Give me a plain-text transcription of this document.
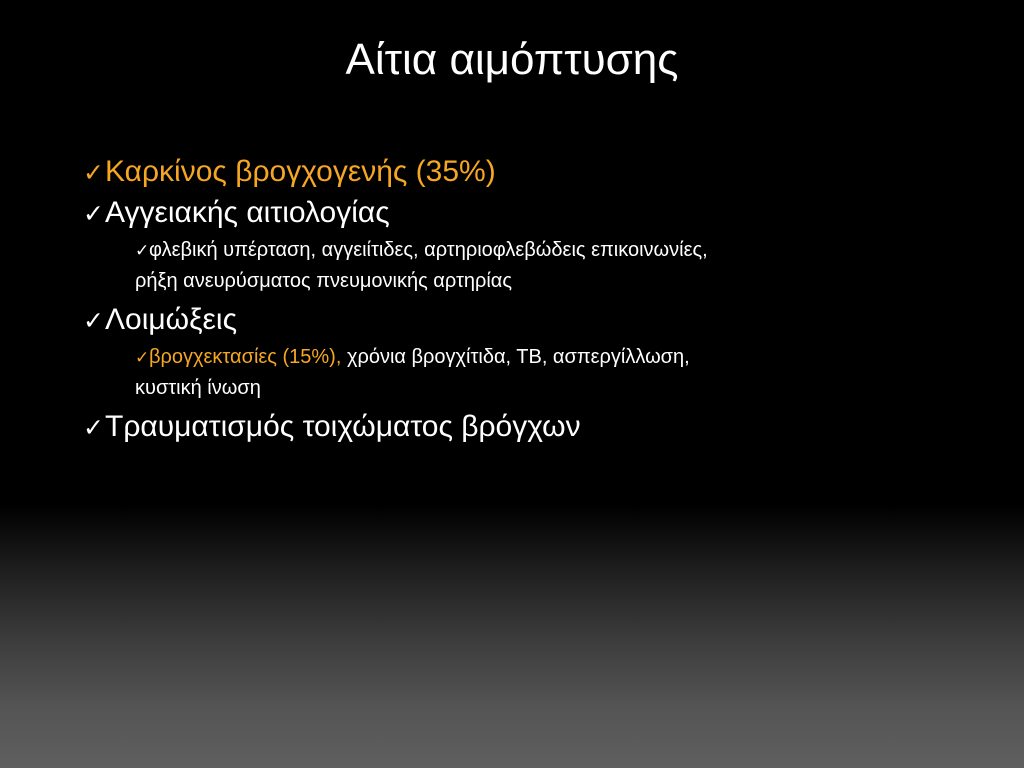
Αίτια αιμόπτυσης
✓Καρκίνος βρογχογενής (35%)
✓Αγγειακής αιτιολογίας
✓φλεβική υπέρταση, αγγειίτιδες, αρτηριοφλεβώδεις επικοινωνίες,
ρήξη ανευρύσματος πνευμονικής αρτηρίας
✓Λοιμώξεις
✓βρογχεκτασίες (15%), χρόνια βρογχίτιδα, ΤΒ, ασπεργίλλωση,
κυστική ίνωση
✓Τραυματισμός τοιχώματος βρόγχων
